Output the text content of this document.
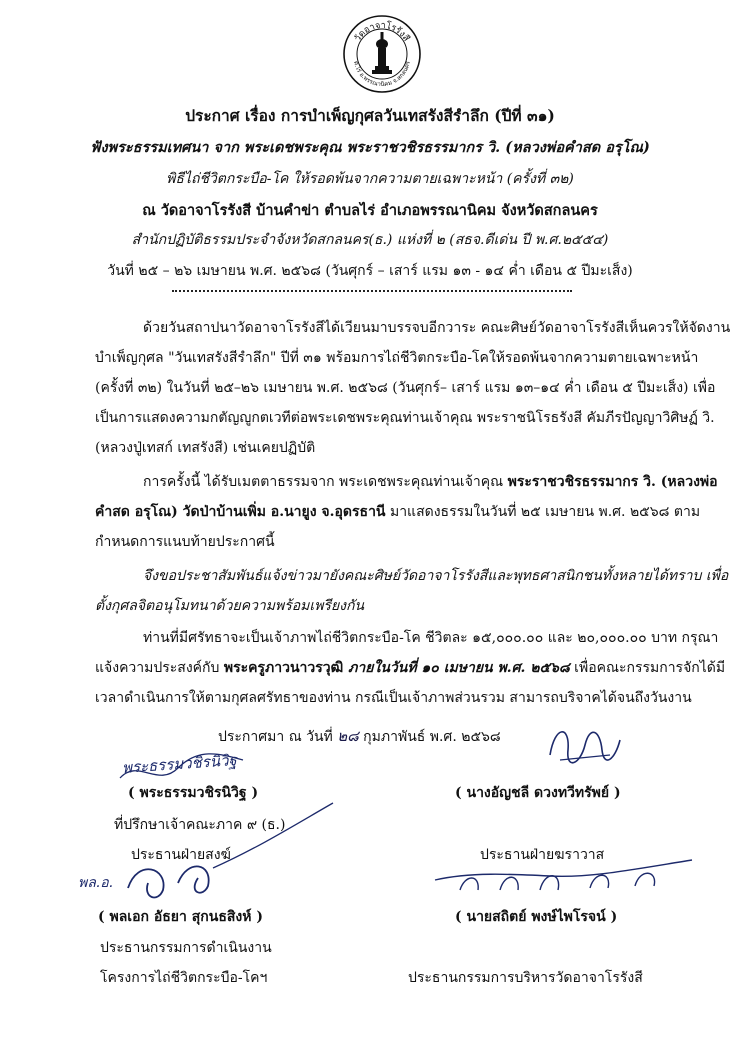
วัดอาจาโรรังสี
ต.ไร่ อ.พรรณานิคม จ.สกลนคร
ประกาศ เรื่อง การบำเพ็ญกุศลวันเทสรังสีรำลึก (ปีที่ ๓๑)
ฟังพระธรรมเทศนา จาก พระเดชพระคุณ พระราชวชิรธรรมากร วิ. (หลวงพ่อคำสด อรุโณ)
พิธีไถ่ชีวิตกระบือ-โค ให้รอดพ้นจากความตายเฉพาะหน้า (ครั้งที่ ๓๒)
ณ วัดอาจาโรรังสี บ้านคำข่า ตำบลไร่ อำเภอพรรณานิคม จังหวัดสกลนคร
สำนักปฏิบัติธรรมประจำจังหวัดสกลนคร(ธ.) แห่งที่ ๒ (สธจ.ดีเด่น ปี พ.ศ.๒๕๕๔)
วันที่ ๒๕ – ๒๖ เมษายน พ.ศ. ๒๕๖๘ (วันศุกร์ – เสาร์ แรม ๑๓ - ๑๔ ค่ำ เดือน ๕ ปีมะเส็ง)
ด้วยวันสถาปนาวัดอาจาโรรังสีได้เวียนมาบรรจบอีกวาระ คณะศิษย์วัดอาจาโรรังสีเห็นควรให้จัดงาน
บำเพ็ญกุศล "วันเทสรังสีรำลึก" ปีที่ ๓๑ พร้อมการไถ่ชีวิตกระบือ-โคให้รอดพ้นจากความตายเฉพาะหน้า
(ครั้งที่ ๓๒) ในวันที่ ๒๕–๒๖ เมษายน พ.ศ. ๒๕๖๘ (วันศุกร์– เสาร์ แรม ๑๓–๑๔ ค่ำ เดือน ๕ ปีมะเส็ง) เพื่อ
เป็นการแสดงความกตัญญูกตเวทีต่อพระเดชพระคุณท่านเจ้าคุณ พระราชนิโรธรังสี คัมภีรปัญญาวิศิษฏ์ วิ.
(หลวงปู่เทสก์ เทสรังสี) เช่นเคยปฏิบัติ
การครั้งนี้ ได้รับเมตตาธรรมจาก พระเดชพระคุณท่านเจ้าคุณ พระราชวชิรธรรมากร วิ. (หลวงพ่อ
คำสด อรุโณ) วัดป่าบ้านเพิ่ม อ.นายูง จ.อุดรธานี มาแสดงธรรมในวันที่ ๒๕ เมษายน พ.ศ. ๒๕๖๘ ตาม
กำหนดการแนบท้ายประกาศนี้
จึงขอประชาสัมพันธ์แจ้งข่าวมายังคณะศิษย์วัดอาจาโรรังสีและพุทธศาสนิกชนทั้งหลายได้ทราบ เพื่อ
ตั้งกุศลจิตอนุโมทนาด้วยความพร้อมเพรียงกัน
ท่านที่มีศรัทธาจะเป็นเจ้าภาพไถ่ชีวิตกระบือ-โค ชีวิตละ ๑๕,๐๐๐.๐๐ และ ๒๐,๐๐๐.๐๐ บาท กรุณา
แจ้งความประสงค์กับ พระครูภาวนาวรวุฒิ ภายในวันที่ ๑๐ เมษายน พ.ศ. ๒๕๖๘ เพื่อคณะกรรมการจักได้มี
เวลาดำเนินการให้ตามกุศลศรัทธาของท่าน กรณีเป็นเจ้าภาพส่วนรวม สามารถบริจาคได้จนถึงวันงาน
ประกาศมา ณ วันที่ ๒๘ กุมภาพันธ์ พ.ศ. ๒๕๖๘
พระธรรมวชิรนิวิฐ
( พระธรรมวชิรนิวิฐ )	( นางอัญชลี ดวงทวีทรัพย์ )
ที่ปรึกษาเจ้าคณะภาค ๙ (ธ.)
ประธานฝ่ายสงฆ์	ประธานฝ่ายฆราวาส
พล.อ.
( พลเอก อัธยา สุกนธสิงห์ )	( นายสถิตย์ พงษ์ไพโรจน์ )
ประธานกรรมการดำเนินงาน
โครงการไถ่ชีวิตกระบือ-โคฯ	ประธานกรรมการบริหารวัดอาจาโรรังสี
